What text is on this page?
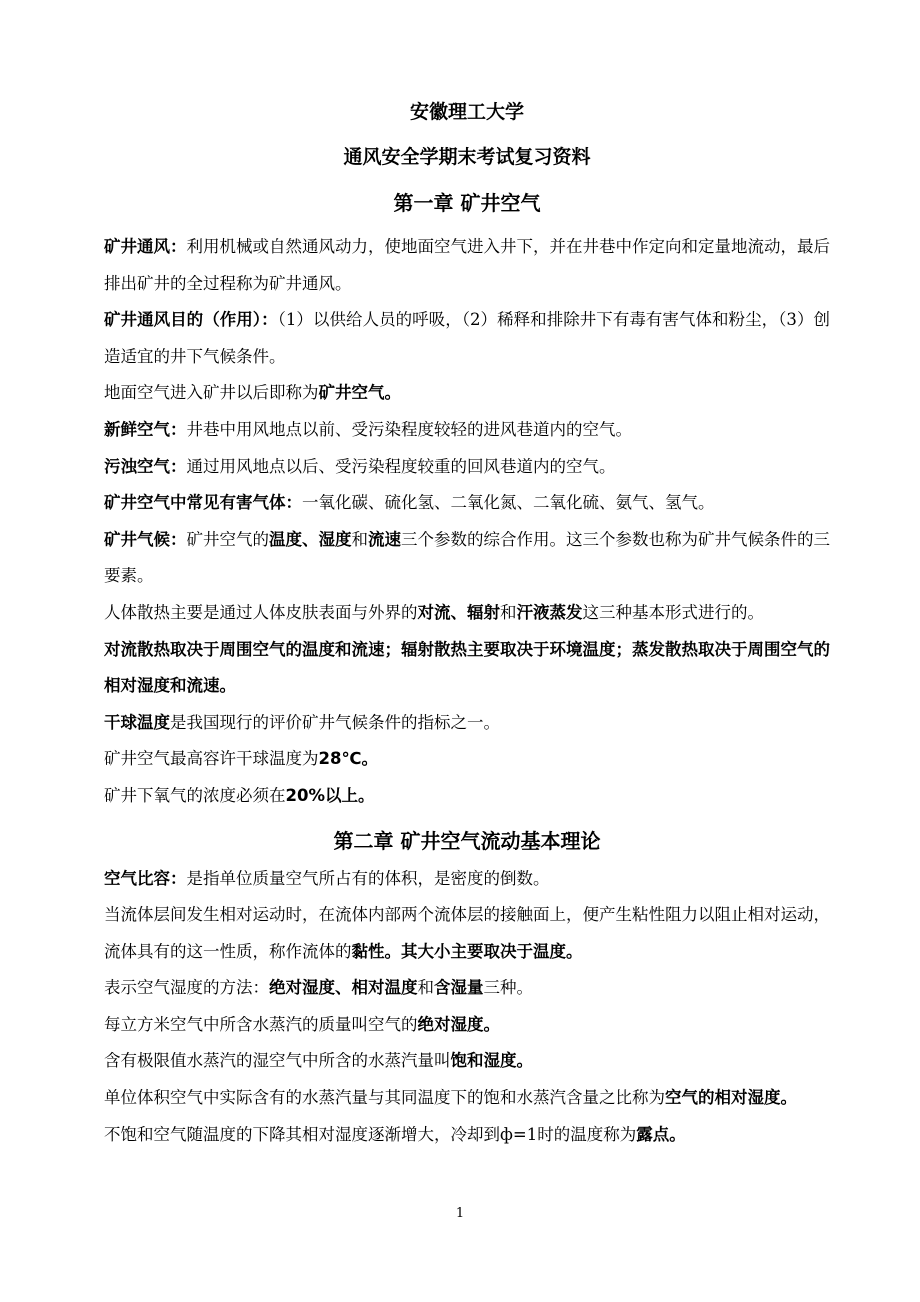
安徽理工大学
通风安全学期末考试复习资料
第一章 矿井空气

矿井通风：利用机械或自然通风动力，使地面空气进入井下，并在井巷中作定向和定量地流动，最后排出矿井的全过程称为矿井通风。

矿井通风目的（作用）：（1）以供给人员的呼吸，（2）稀释和排除井下有毒有害气体和粉尘，（3）创造适宜的井下气候条件。

地面空气进入矿井以后即称为矿井空气。

新鲜空气：井巷中用风地点以前、受污染程度较轻的进风巷道内的空气。

污浊空气：通过用风地点以后、受污染程度较重的回风巷道内的空气。

矿井空气中常见有害气体：一氧化碳、硫化氢、二氧化氮、二氧化硫、氨气、氢气。

矿井气候：矿井空气的温度、湿度和流速三个参数的综合作用。这三个参数也称为矿井气候条件的三要素。

人体散热主要是通过人体皮肤表面与外界的对流、辐射和汗液蒸发这三种基本形式进行的。

对流散热取决于周围空气的温度和流速；辐射散热主要取决于环境温度；蒸发散热取决于周围空气的相对湿度和流速。

干球温度是我国现行的评价矿井气候条件的指标之一。

矿井空气最高容许干球温度为28℃。

矿井下氧气的浓度必须在20%以上。

第二章 矿井空气流动基本理论

空气比容：是指单位质量空气所占有的体积，是密度的倒数。

当流体层间发生相对运动时，在流体内部两个流体层的接触面上，便产生粘性阻力以阻止相对运动，流体具有的这一性质，称作流体的黏性。其大小主要取决于温度。

表示空气湿度的方法：绝对湿度、相对温度和含湿量三种。

每立方米空气中所含水蒸汽的质量叫空气的绝对湿度。

含有极限值水蒸汽的湿空气中所含的水蒸汽量叫饱和湿度。

单位体积空气中实际含有的水蒸汽量与其同温度下的饱和水蒸汽含量之比称为空气的相对湿度。

不饱和空气随温度的下降其相对湿度逐渐增大，冷却到ф=1时的温度称为露点。

1
